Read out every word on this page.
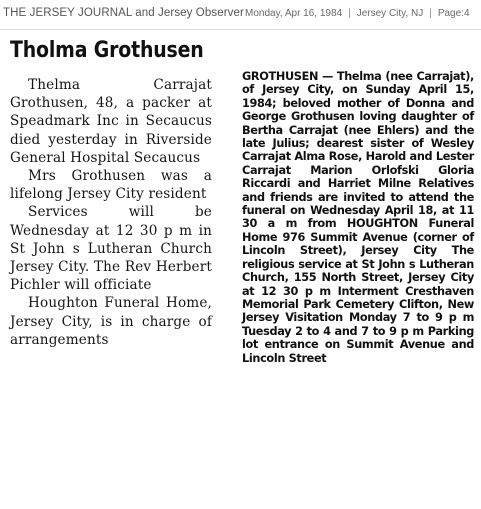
THE JERSEY JOURNAL and Jersey Observer Monday, Apr 16, 1984 | Jersey City, NJ | Page:4
Tholma Grothusen

Thelma Carrajat Grothusen, 48, a packer at Speadmark Inc in Secaucus died yesterday in Riverside General Hospital Secaucus

Mrs Grothusen was a lifelong Jersey City resident

Services will be Wednesday at 12 30 p m in St John s Lutheran Church Jersey City. The Rev Herbert Pichler will officiate

Houghton Funeral Home, Jersey City, is in charge of arrangements

GROTHUSEN — Thelma (nee Carrajat), of Jersey City, on Sunday April 15, 1984; beloved mother of Donna and George Grothusen loving daughter of Bertha Carrajat (nee Ehlers) and the late Julius; dearest sister of Wesley Carrajat Alma Rose, Harold and Lester Carrajat Marion Orlofski Gloria Riccardi and Harriet Milne Relatives and friends are invited to attend the funeral on Wednesday April 18, at 11 30 a m from HOUGHTON Funeral Home 976 Summit Avenue (corner of Lincoln Street), Jersey City The religious service at St John s Lutheran Church, 155 North Street, Jersey City at 12 30 p m Interment Cresthaven Memorial Park Cemetery Clifton, New Jersey Visitation Monday 7 to 9 p m Tuesday 2 to 4 and 7 to 9 p m Parking lot entrance on Summit Avenue and Lincoln Street
